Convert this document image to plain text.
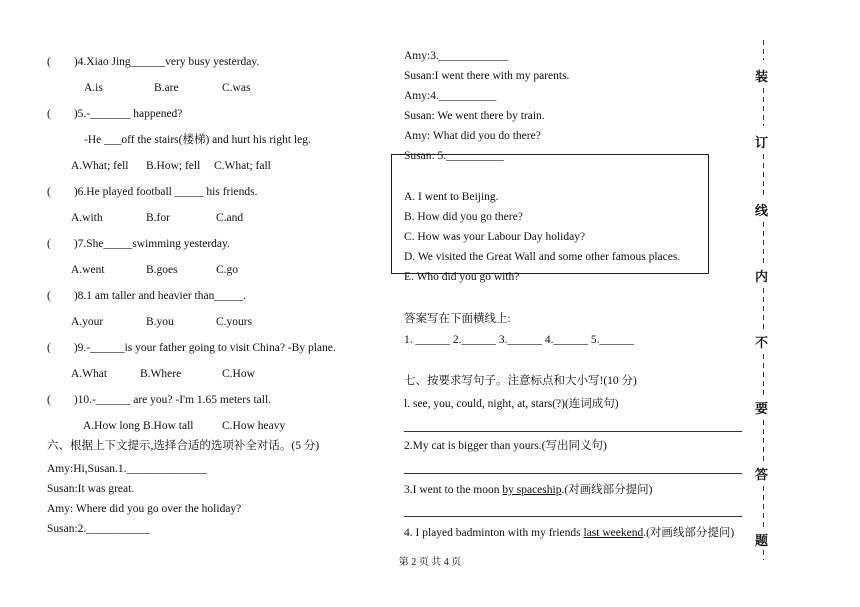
(  )4.Xiao Jing______very busy yesterday.
A.is	B.are	C.was
(  )5.-_______ happened?
-He ___off the stairs(楼梯) and hurt his right leg.
A.What; fell B.How; fell C.What; fall
(  )6.He played football _____ his friends.
A.with	B.for	C.and
(  )7.She_____swimming yesterday.
A.went	B.goes	C.go
(  )8.1 am taller and heavier than_____.
A.your	B.you	C.yours
(  )9.-______is your father going to visit China? -By plane.
A.What	B.Where	C.How
(  )10.-______ are you? -I'm 1.65 meters tall.
A.How long B.How tall C.How heavy
六、根据上下文提示,选择合适的选项补全对话。(5 分)
Amy:Hi,Susan.1.______________
Susan:It was great.
Amy: Where did you go over the holiday?
Susan:2.___________
Amy:3.____________
Susan:I went there with my parents.
Amy:4.__________
Susan: We went there by train.
Amy: What did you do there?
Susan: 5.__________
A. I went to Beijing.
B. How did you go there?
C. How was your Labour Day holiday?
D. We visited the Great Wall and some other famous places.
E. Who did you go with?
答案写在下面横线上:
1. ______ 2.______ 3.______ 4.______ 5.______
七、按要求写句子。注意标点和大小写!(10 分)
l. see, you, could, night, at, stars(?)(连词成句)
2.My cat is bigger than yours.(写出同义句)
3.I went to the moon by spaceship.(对画线部分提问)
4. I played badminton with my friends last weekend.(对画线部分提问)
装
订
线
内
不
要
答
题
第 2 页 共 4 页
